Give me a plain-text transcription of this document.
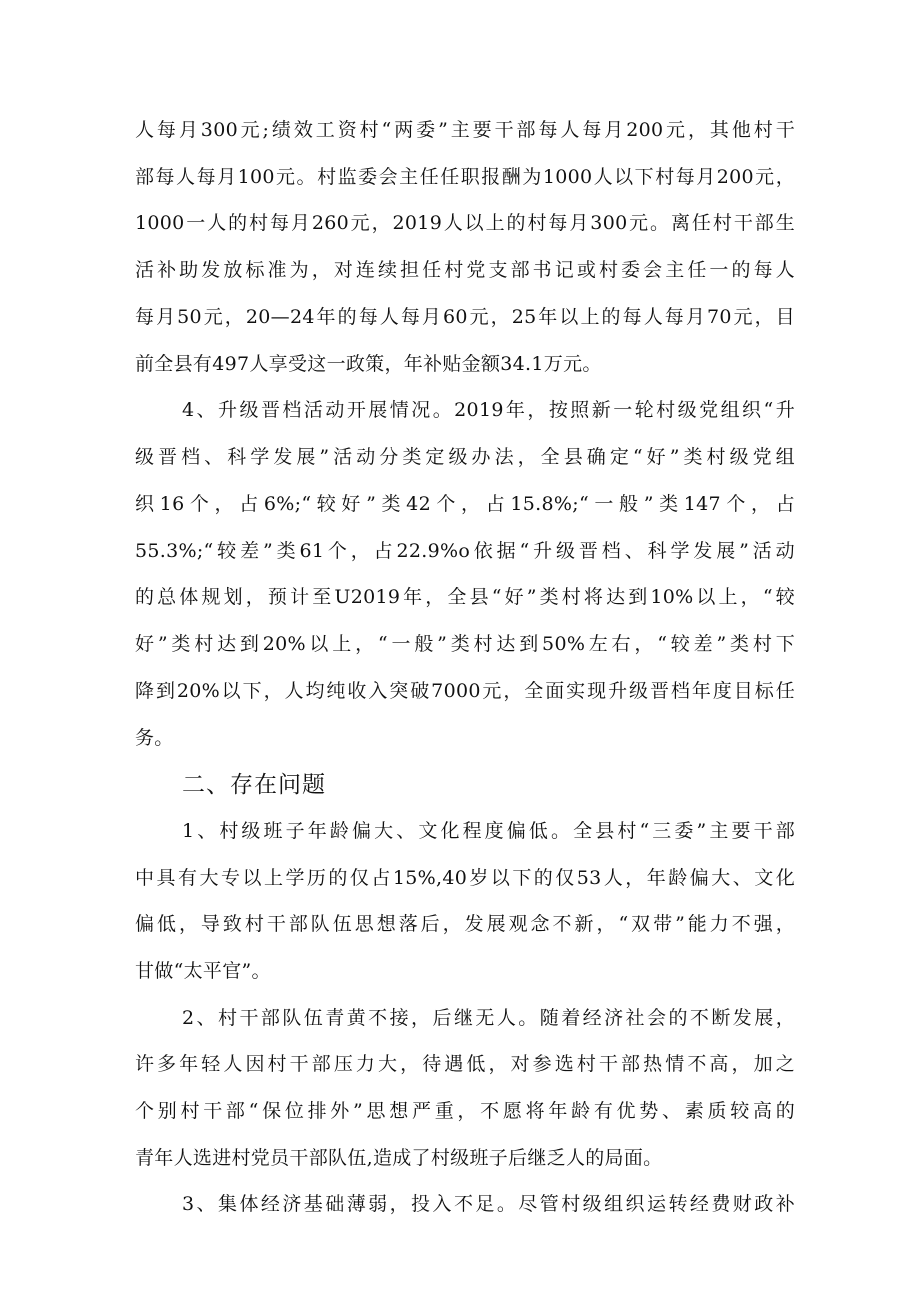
人每月300元;绩效工资村“两委”主要干部每人每月200元，其他村干
部每人每月100元。村监委会主任任职报酬为1000人以下村每月200元，
1000一人的村每月260元，2019人以上的村每月300元。离任村干部生
活补助发放标准为，对连续担任村党支部书记或村委会主任一的每人
每月50元，20—24年的每人每月60元，25年以上的每人每月70元，目
前全县有497人享受这一政策，年补贴金额34.1万元。
4、升级晋档活动开展情况。2019年，按照新一轮村级党组织“升
级晋档、科学发展”活动分类定级办法，全县确定“好”类村级党组
织16个，占6%;“较好”类42个，占15.8%;“一般”类147个，占
55.3%;“较差”类61个，占22.9%o依据“升级晋档、科学发展”活动
的总体规划，预计至U2019年，全县“好”类村将达到10%以上，“较
好”类村达到20%以上，“一般”类村达到50%左右，“较差”类村下
降到20%以下，人均纯收入突破7000元，全面实现升级晋档年度目标任
务。
二、存在问题
1、村级班子年龄偏大、文化程度偏低。全县村“三委”主要干部
中具有大专以上学历的仅占15%,40岁以下的仅53人，年龄偏大、文化
偏低，导致村干部队伍思想落后，发展观念不新，“双带”能力不强，
甘做“太平官”。
2、村干部队伍青黄不接，后继无人。随着经济社会的不断发展，
许多年轻人因村干部压力大，待遇低，对参选村干部热情不高，加之
个别村干部“保位排外”思想严重，不愿将年龄有优势、素质较高的
青年人选进村党员干部队伍,造成了村级班子后继乏人的局面。
3、集体经济基础薄弱，投入不足。尽管村级组织运转经费财政补
